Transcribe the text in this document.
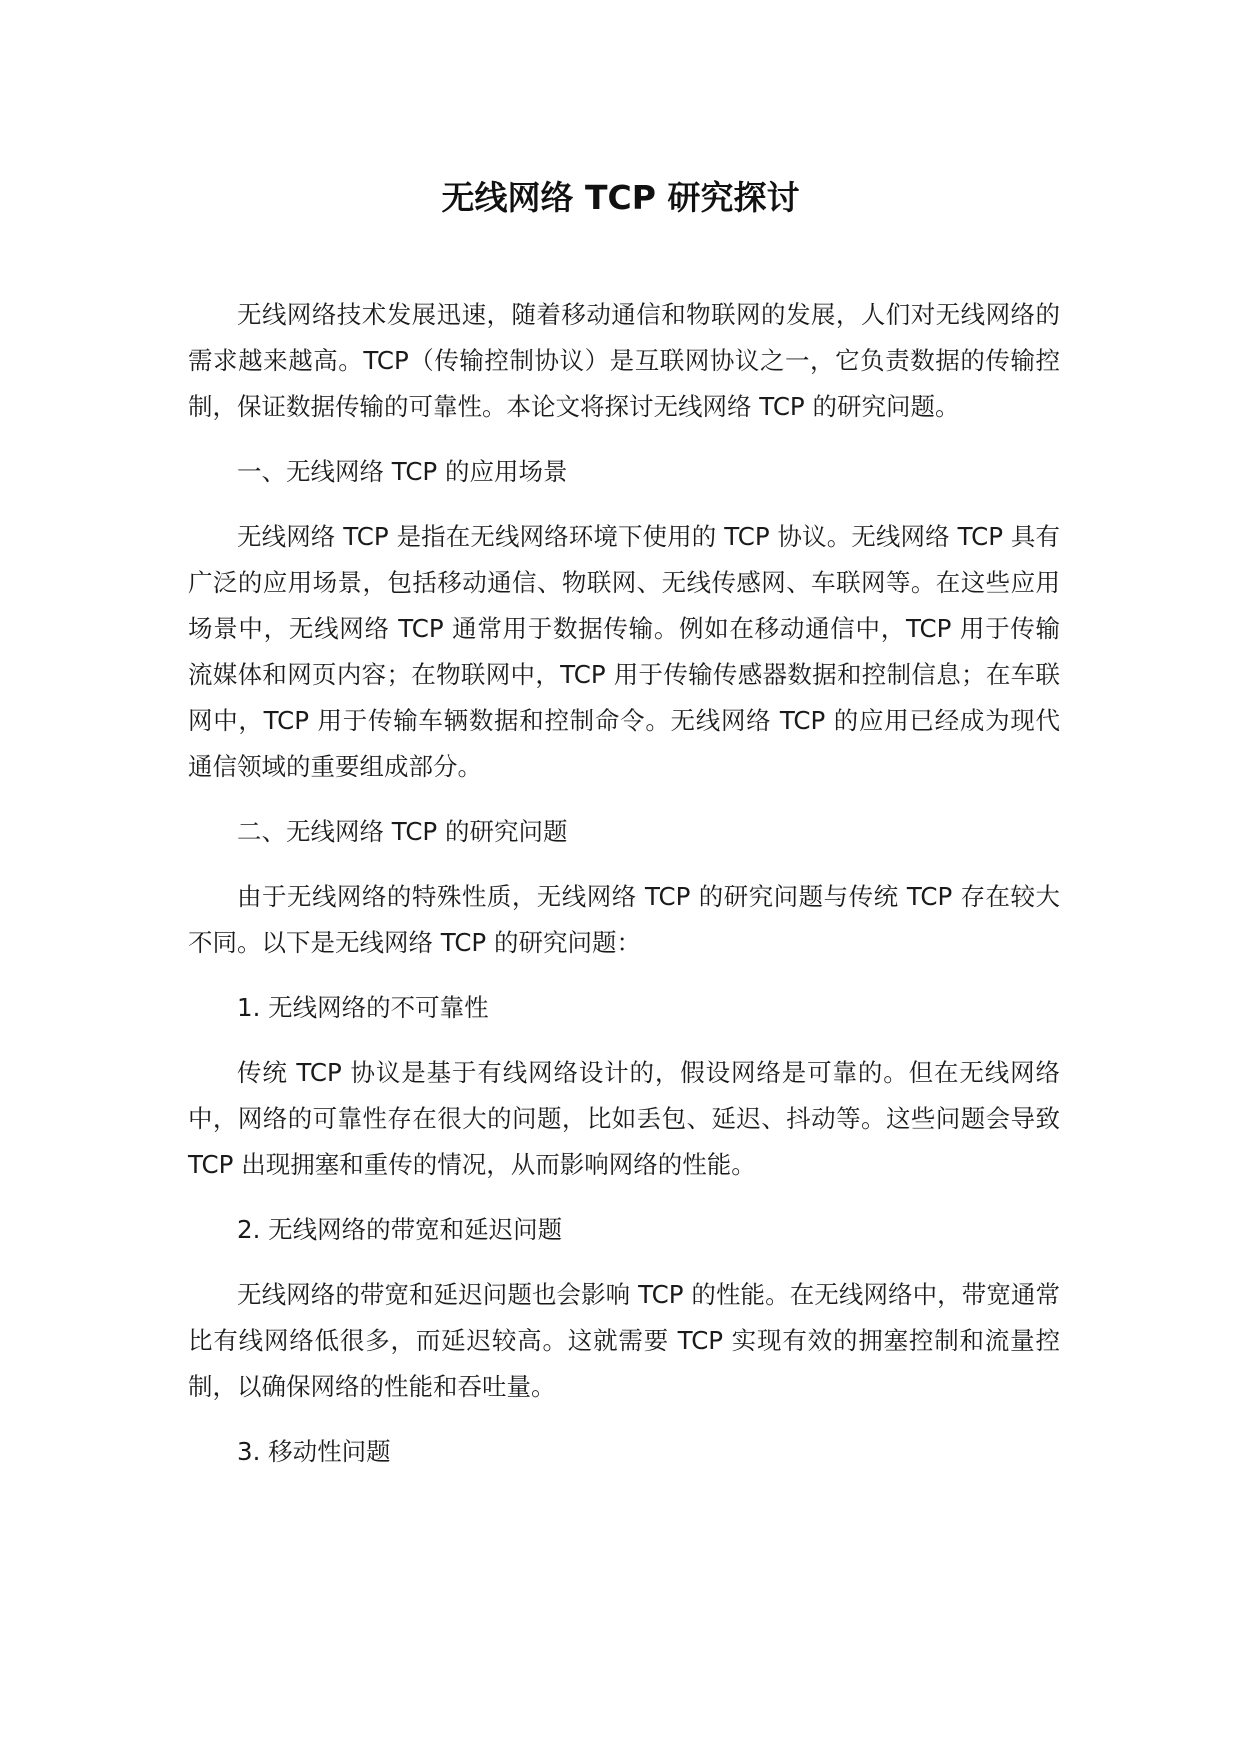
无线网络 TCP 研究探讨

无线网络技术发展迅速，随着移动通信和物联网的发展，人们对无线网络的需求越来越高。TCP（传输控制协议）是互联网协议之一，它负责数据的传输控制，保证数据传输的可靠性。本论文将探讨无线网络 TCP 的研究问题。

一、无线网络 TCP 的应用场景

无线网络 TCP 是指在无线网络环境下使用的 TCP 协议。无线网络 TCP 具有广泛的应用场景，包括移动通信、物联网、无线传感网、车联网等。在这些应用场景中，无线网络 TCP 通常用于数据传输。例如在移动通信中，TCP 用于传输流媒体和网页内容；在物联网中，TCP 用于传输传感器数据和控制信息；在车联网中，TCP 用于传输车辆数据和控制命令。无线网络 TCP 的应用已经成为现代通信领域的重要组成部分。

二、无线网络 TCP 的研究问题

由于无线网络的特殊性质，无线网络 TCP 的研究问题与传统 TCP 存在较大不同。以下是无线网络 TCP 的研究问题：

1. 无线网络的不可靠性

传统 TCP 协议是基于有线网络设计的，假设网络是可靠的。但在无线网络中，网络的可靠性存在很大的问题，比如丢包、延迟、抖动等。这些问题会导致 TCP 出现拥塞和重传的情况，从而影响网络的性能。

2. 无线网络的带宽和延迟问题

无线网络的带宽和延迟问题也会影响 TCP 的性能。在无线网络中，带宽通常比有线网络低很多，而延迟较高。这就需要 TCP 实现有效的拥塞控制和流量控制，以确保网络的性能和吞吐量。

3. 移动性问题
